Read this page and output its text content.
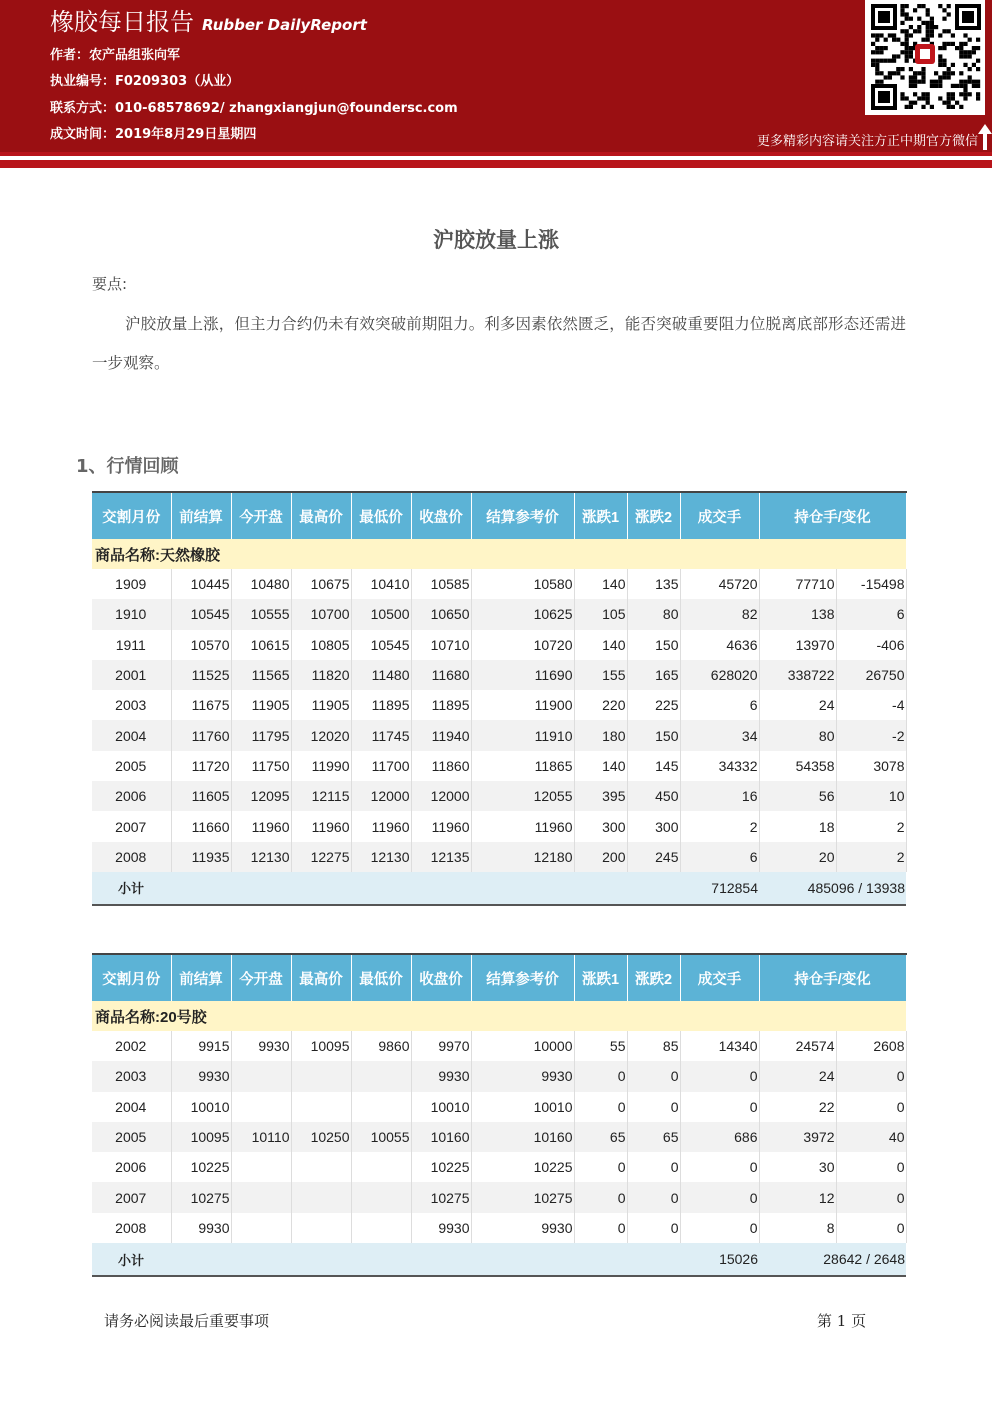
橡胶每日报告 Rubber DailyReport
作者：农产品组张向军
执业编号：F0209303（从业）
联系方式：010-68578692/ zhangxiangjun@foundersc.com
成文时间：2019年8月29日星期四	更多精彩内容请关注方正中期官方微信
沪胶放量上涨
要点:
沪胶放量上涨，但主力合约仍未有效突破前期阻力。利多因素依然匮乏，能否突破重要阻力位脱离底部形态还需进一步观察。
1、行情回顾
交割月份	前结算	今开盘	最高价	最低价	收盘价	结算参考价	涨跌1	涨跌2	成交手	持仓手/变化	
商品名称:天然橡胶											
1909	10445	10480	10675	10410	10585	10580	140	135	45720	77710	-15498
1910	10545	10555	10700	10500	10650	10625	105	80	82	138	6
1911	10570	10615	10805	10545	10710	10720	140	150	4636	13970	-406
2001	11525	11565	11820	11480	11680	11690	155	165	628020	338722	26750
2003	11675	11905	11905	11895	11895	11900	220	225	6	24	-4
2004	11760	11795	12020	11745	11940	11910	180	150	34	80	-2
2005	11720	11750	11990	11700	11860	11865	140	145	34332	54358	3078
2006	11605	12095	12115	12000	12000	12055	395	450	16	56	10
2007	11660	11960	11960	11960	11960	11960	300	300	2	18	2
2008	11935	12130	12275	12130	12135	12180	200	245	6	20	2
小计									712854	485096 / 13938	
交割月份	前结算	今开盘	最高价	最低价	收盘价	结算参考价	涨跌1	涨跌2	成交手	持仓手/变化	
商品名称:20号胶											
2002	9915	9930	10095	9860	9970	10000	55	85	14340	24574	2608
2003	9930				9930	9930	0	0	0	24	0
2004	10010				10010	10010	0	0	0	22	0
2005	10095	10110	10250	10055	10160	10160	65	65	686	3972	40
2006	10225				10225	10225	0	0	0	30	0
2007	10275				10275	10275	0	0	0	12	0
2008	9930				9930	9930	0	0	0	8	0
小计									15026	28642 / 2648	
请务必阅读最后重要事项	第 1 页
